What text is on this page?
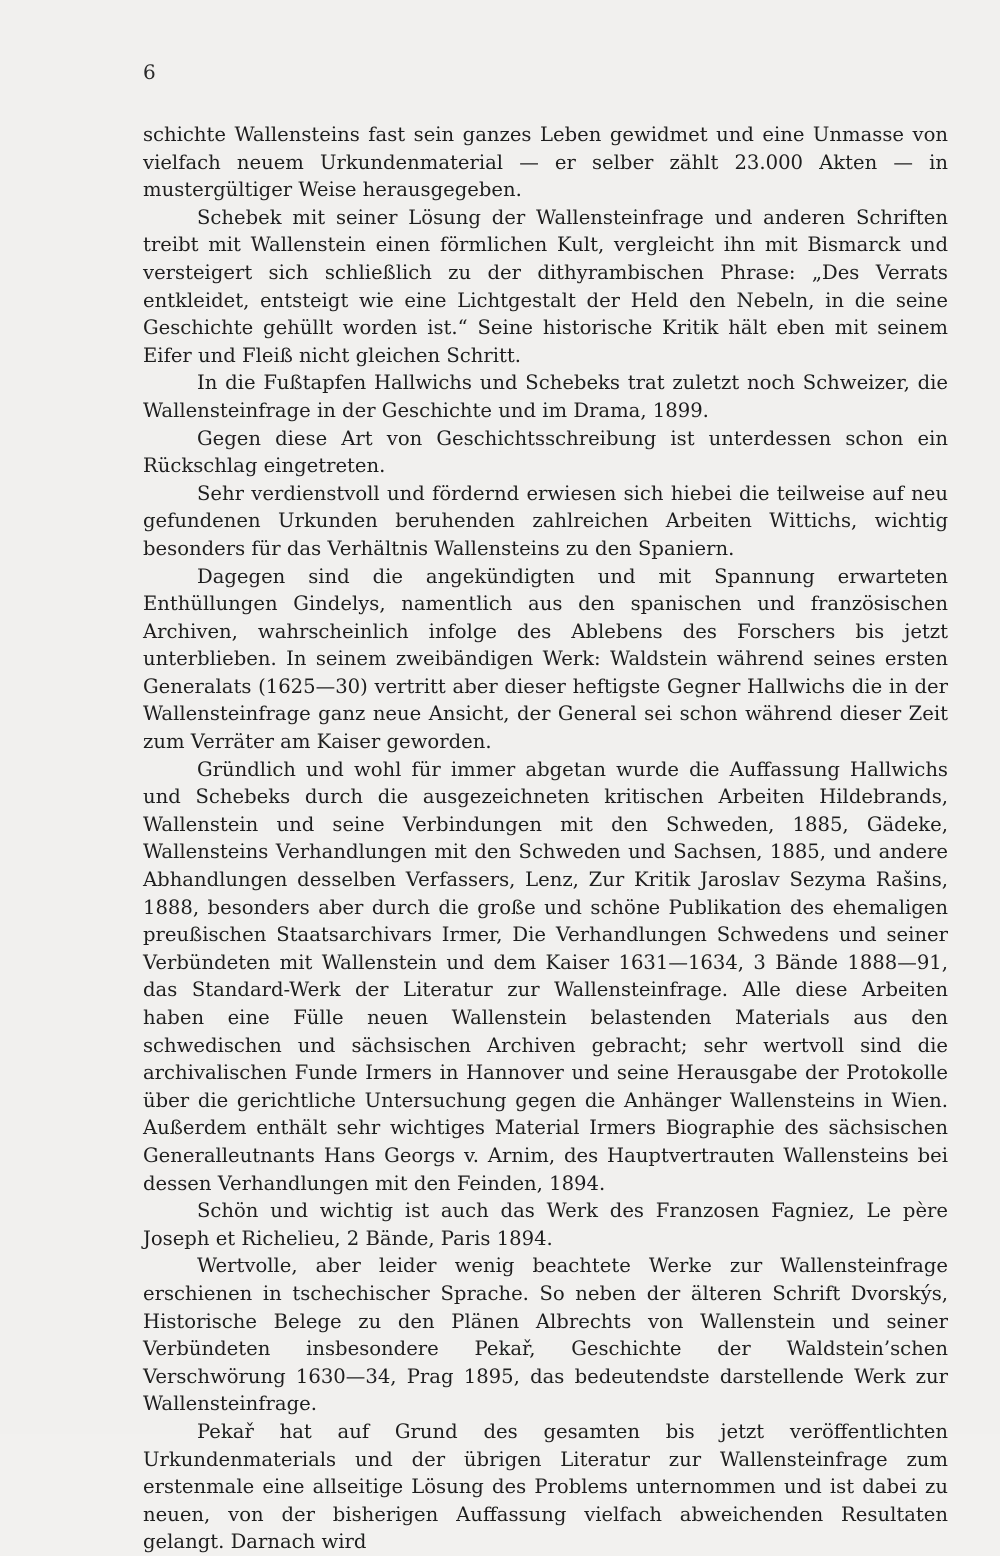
6

schichte Wallensteins fast sein ganzes Leben gewidmet und eine Unmasse von vielfach neuem Urkundenmaterial — er selber zählt 23.000 Akten — in mustergültiger Weise herausgegeben.

Schebek mit seiner Lösung der Wallensteinfrage und anderen Schriften treibt mit Wallenstein einen förmlichen Kult, vergleicht ihn mit Bismarck und versteigert sich schließlich zu der dithyrambischen Phrase: „Des Verrats entkleidet, entsteigt wie eine Lichtgestalt der Held den Nebeln, in die seine Geschichte gehüllt worden ist.“ Seine historische Kritik hält eben mit seinem Eifer und Fleiß nicht gleichen Schritt.

In die Fußtapfen Hallwichs und Schebeks trat zuletzt noch Schweizer, die Wallensteinfrage in der Geschichte und im Drama, 1899.

Gegen diese Art von Geschichtsschreibung ist unterdessen schon ein Rückschlag eingetreten.

Sehr verdienstvoll und fördernd erwiesen sich hiebei die teilweise auf neu gefundenen Urkunden beruhenden zahlreichen Arbeiten Wittichs, wichtig besonders für das Verhältnis Wallensteins zu den Spaniern.

Dagegen sind die angekündigten und mit Spannung erwarteten Enthüllungen Gindelys, namentlich aus den spanischen und französischen Archiven, wahrscheinlich infolge des Ablebens des Forschers bis jetzt unterblieben. In seinem zweibändigen Werk: Waldstein während seines ersten Generalats (1625—30) vertritt aber dieser heftigste Gegner Hallwichs die in der Wallensteinfrage ganz neue Ansicht, der General sei schon während dieser Zeit zum Verräter am Kaiser geworden.

Gründlich und wohl für immer abgetan wurde die Auffassung Hallwichs und Schebeks durch die ausgezeichneten kritischen Arbeiten Hildebrands, Wallenstein und seine Verbindungen mit den Schweden, 1885, Gädeke, Wallensteins Verhandlungen mit den Schweden und Sachsen, 1885, und andere Abhandlungen desselben Verfassers, Lenz, Zur Kritik Jaroslav Sezyma Rašins, 1888, besonders aber durch die große und schöne Publikation des ehemaligen preußischen Staatsarchivars Irmer, Die Verhandlungen Schwedens und seiner Verbündeten mit Wallenstein und dem Kaiser 1631—1634, 3 Bände 1888—91, das Standard-Werk der Literatur zur Wallensteinfrage. Alle diese Arbeiten haben eine Fülle neuen Wallenstein belastenden Materials aus den schwedischen und sächsischen Archiven gebracht; sehr wertvoll sind die archivalischen Funde Irmers in Hannover und seine Herausgabe der Protokolle über die gerichtliche Untersuchung gegen die Anhänger Wallensteins in Wien. Außerdem enthält sehr wichtiges Material Irmers Biographie des sächsischen Generalleutnants Hans Georgs v. Arnim, des Hauptvertrauten Wallensteins bei dessen Verhandlungen mit den Feinden, 1894.

Schön und wichtig ist auch das Werk des Franzosen Fagniez, Le père Joseph et Richelieu, 2 Bände, Paris 1894.

Wertvolle, aber leider wenig beachtete Werke zur Wallensteinfrage erschienen in tschechischer Sprache. So neben der älteren Schrift Dvorskýs, Historische Belege zu den Plänen Albrechts von Wallenstein und seiner Verbündeten insbesondere Pekař, Geschichte der Waldstein’schen Verschwörung 1630—34, Prag 1895, das bedeutendste darstellende Werk zur Wallensteinfrage.

Pekař hat auf Grund des gesamten bis jetzt veröffentlichten Urkundenmaterials und der übrigen Literatur zur Wallensteinfrage zum erstenmale eine allseitige Lösung des Problems unternommen und ist dabei zu neuen, von der bisherigen Auffassung vielfach abweichenden Resultaten gelangt. Darnach wird
